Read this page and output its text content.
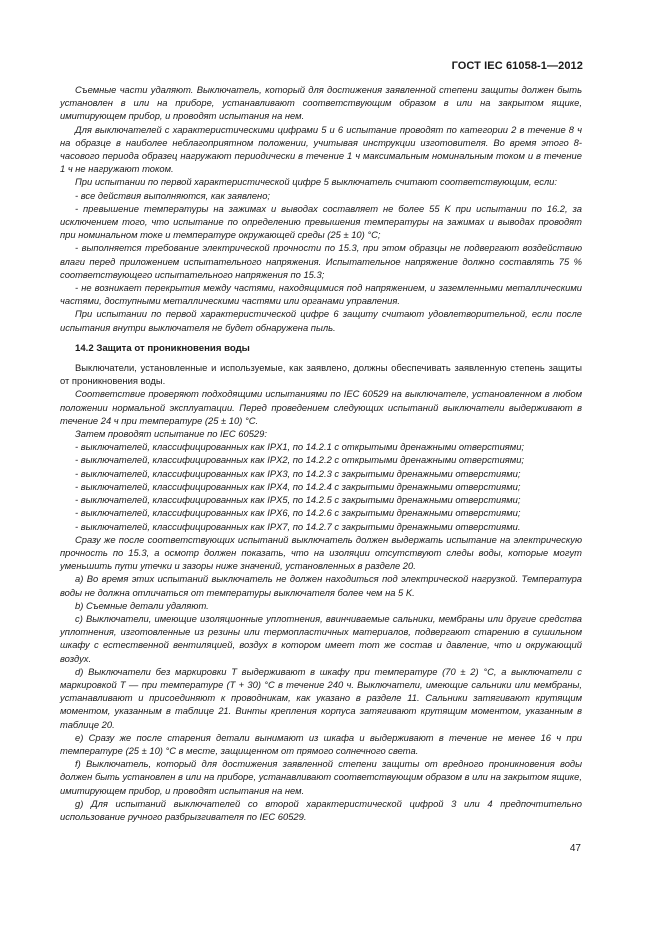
ГОСТ IEC 61058-1—2012

Съемные части удаляют. Выключатель, который для достижения заявленной степени защиты должен быть установлен в или на приборе, устанавливают соответствующим образом в или на закрытом ящике, имитирующем прибор, и проводят испытания на нем.

Для выключателей с характеристическими цифрами 5 и 6 испытание проводят по категории 2 в течение 8 ч на образце в наиболее неблагоприятном положении, учитывая инструкции изготовителя. Во время этого 8-часового периода образец нагружают периодически в течение 1 ч максимальным номинальным током и в течение 1 ч не нагружают током.

При испытании по первой характеристической цифре 5 выключатель считают соответствующим, если:

- все действия выполняются, как заявлено;

- превышение температуры на зажимах и выводах составляет не более 55 K при испытании по 16.2, за исключением того, что испытание по определению превышения температуры на зажимах и выводах проводят при номинальном токе и температуре окружающей среды (25 ± 10) °С;

- выполняется требование электрической прочности по 15.3, при этом образцы не подвергают воздействию влаги перед приложением испытательного напряжения. Испытательное напряжение должно составлять 75 % соответствующего испытательного напряжения по 15.3;

- не возникает перекрытия между частями, находящимися под напряжением, и заземленными металлическими частями, доступными металлическими частями или органами управления.

При испытании по первой характеристической цифре 6 защиту считают удовлетворительной, если после испытания внутри выключателя не будет обнаружена пыль.

14.2 Защита от проникновения воды

Выключатели, установленные и используемые, как заявлено, должны обеспечивать заявленную степень защиты от проникновения воды.

Соответствие проверяют подходящими испытаниями по IEC 60529 на выключателе, установленном в любом положении нормальной эксплуатации. Перед проведением следующих испытаний выключатели выдерживают в течение 24 ч при температуре (25 ± 10) °С.

Затем проводят испытание по IEC 60529:

- выключателей, классифицированных как IPX1, по 14.2.1 с открытыми дренажными отверстиями;

- выключателей, классифицированных как IPX2, по 14.2.2 с открытыми дренажными отверстиями;

- выключателей, классифицированных как IPX3, по 14.2.3 с закрытыми дренажными отверстиями;

- выключателей, классифицированных как IPX4, по 14.2.4 с закрытыми дренажными отверстиями;

- выключателей, классифицированных как IPX5, по 14.2.5 с закрытыми дренажными отверстиями;

- выключателей, классифицированных как IPX6, по 14.2.6 с закрытыми дренажными отверстиями;

- выключателей, классифицированных как IPX7, по 14.2.7 с закрытыми дренажными отверстиями.

Сразу же после соответствующих испытаний выключатель должен выдержать испытание на электрическую прочность по 15.3, а осмотр должен показать, что на изоляции отсутствуют следы воды, которые могут уменьшить пути утечки и зазоры ниже значений, установленных в разделе 20.

a) Во время этих испытаний выключатель не должен находиться под электрической нагрузкой. Температура воды не должна отличаться от температуры выключателя более чем на 5 K.

b) Съемные детали удаляют.

c) Выключатели, имеющие изоляционные уплотнения, ввинчиваемые сальники, мембраны или другие средства уплотнения, изготовленные из резины или термопластичных материалов, подвергают старению в сушильном шкафу с естественной вентиляцией, воздух в котором имеет тот же состав и давление, что и окружающий воздух.

d) Выключатели без маркировки T выдерживают в шкафу при температуре (70 ± 2) °С, а выключатели с маркировкой T — при температуре (T + 30) °С в течение 240 ч. Выключатели, имеющие сальники или мембраны, устанавливают и присоединяют к проводникам, как указано в разделе 11. Сальники затягивают крутящим моментом, указанным в таблице 21. Винты крепления корпуса затягивают крутящим моментом, указанным в таблице 20.

e) Сразу же после старения детали вынимают из шкафа и выдерживают в течение не менее 16 ч при температуре (25 ± 10) °С в месте, защищенном от прямого солнечного света.

f) Выключатель, который для достижения заявленной степени защиты от вредного проникновения воды должен быть установлен в или на приборе, устанавливают соответствующим образом в или на закрытом ящике, имитирующем прибор, и проводят испытания на нем.

g) Для испытаний выключателей со второй характеристической цифрой 3 или 4 предпочтительно использование ручного разбрызгивателя по IEC 60529.

47
